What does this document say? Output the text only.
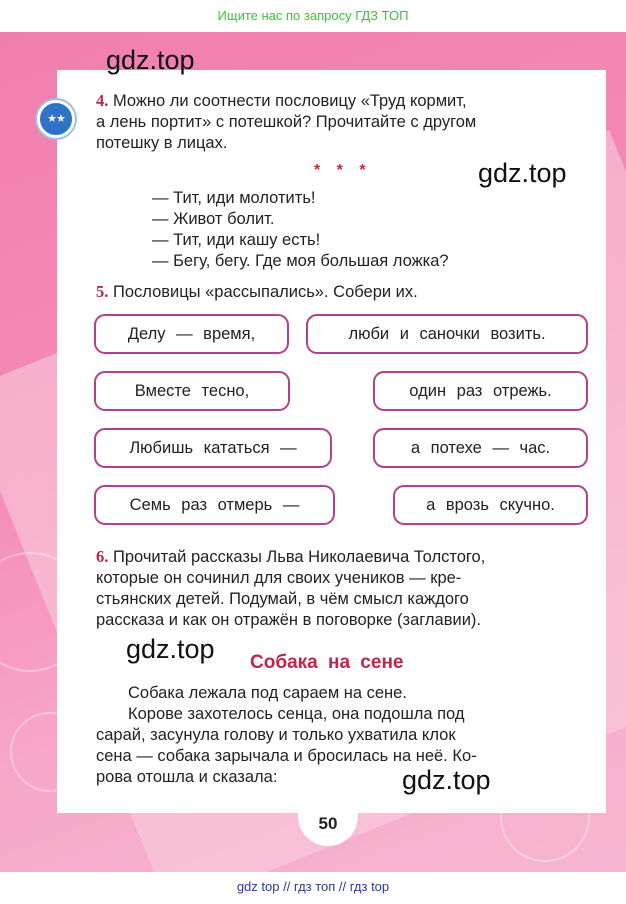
Ищите нас по запросу ГДЗ ТОП
★★
gdz.top
gdz.top
gdz.top
gdz.top
4. Можно ли соотнести пословицу «Труд кормит,
а лень портит» с потешкой? Прочитайте с другом
потешку в лицах.
* * *
— Тит, иди молотить!
— Живот болит.
— Тит, иди кашу есть!
— Бегу, бегу. Где моя большая ложка?
5. Пословицы «рассыпались». Собери их.
Делу — время,	люби и саночки возить.
Вместе тесно,	один раз отрежь.
Любишь кататься —	а потехе — час.
Семь раз отмерь —	а врозь скучно.
6. Прочитай рассказы Льва Николаевича Толстого,
которые он сочинил для своих учеников — кре-
стьянских детей. Подумай, в чём смысл каждого
рассказа и как он отражён в поговорке (заглавии).
Собака на сене
Собака лежала под сараем на сене.
Корове захотелось сенца, она подошла под
сарай, засунула голову и только ухватила клок
сена — собака зарычала и бросилась на неё. Ко-
рова отошла и сказала:
50
gdz top // гдз топ // гдз top
